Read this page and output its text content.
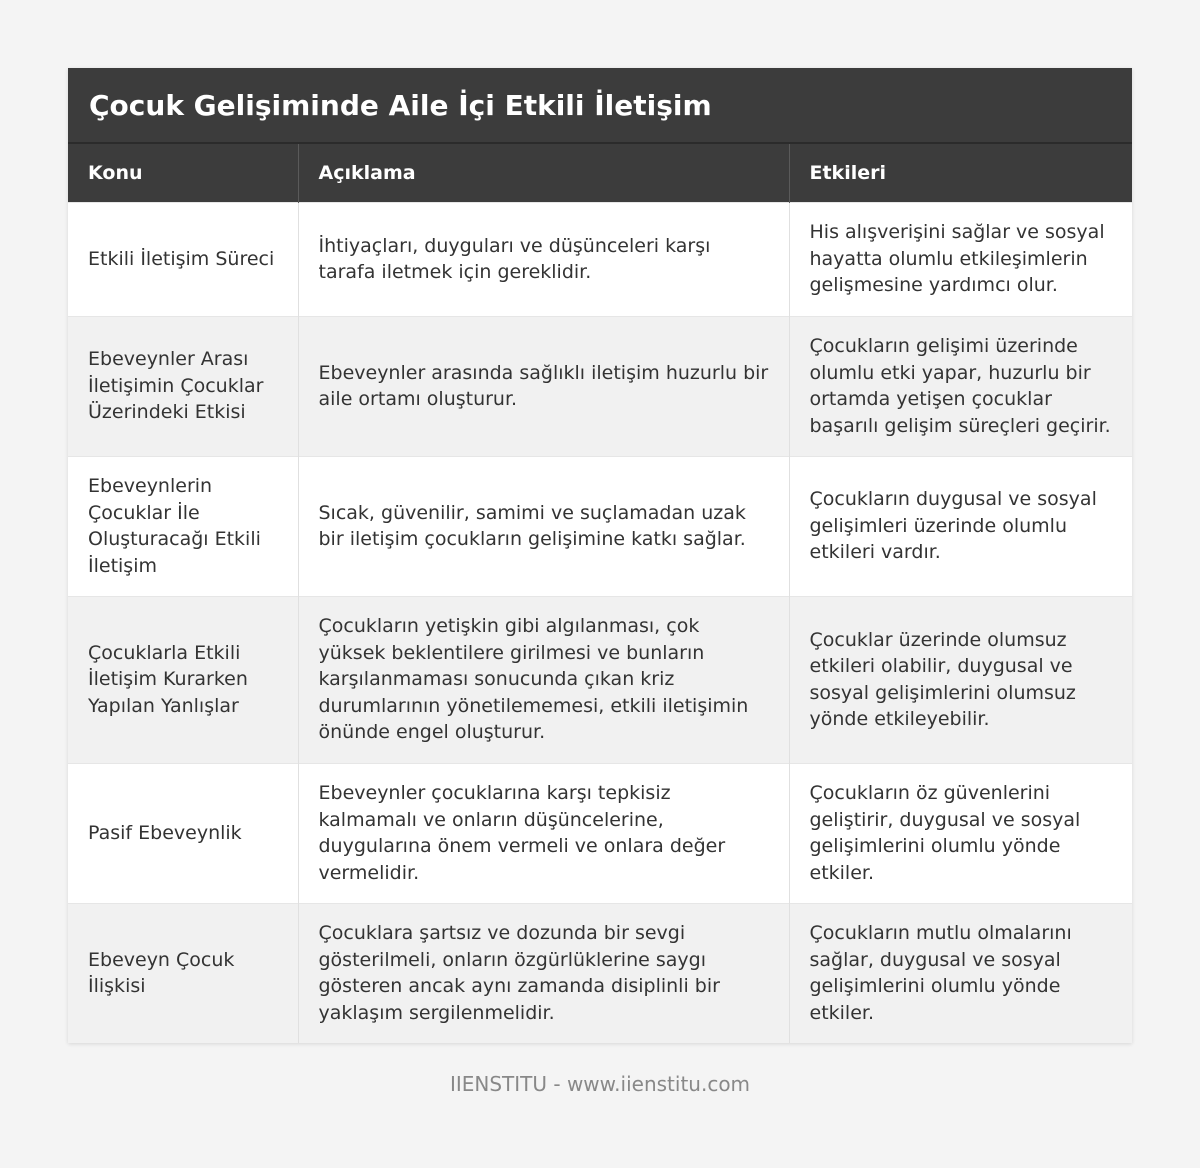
Çocuk Gelişiminde Aile İçi Etkili İletişim
Konu	Açıklama	Etkileri
Etkili İletişim Süreci	İhtiyaçları, duyguları ve düşünceleri karşı tarafa iletmek için gereklidir.	His alışverişini sağlar ve sosyal hayatta olumlu etkileşimlerin gelişmesine yardımcı olur.
Ebeveynler Arası İletişimin Çocuklar Üzerindeki Etkisi	Ebeveynler arasında sağlıklı iletişim huzurlu bir aile ortamı oluşturur.	Çocukların gelişimi üzerinde olumlu etki yapar, huzurlu bir ortamda yetişen çocuklar başarılı gelişim süreçleri geçirir.
Ebeveynlerin Çocuklar İle Oluşturacağı Etkili İletişim	Sıcak, güvenilir, samimi ve suçlamadan uzak bir iletişim çocukların gelişimine katkı sağlar.	Çocukların duygusal ve sosyal gelişimleri üzerinde olumlu etkileri vardır.
Çocuklarla Etkili İletişim Kurarken Yapılan Yanlışlar	Çocukların yetişkin gibi algılanması, çok yüksek beklentilere girilmesi ve bunların karşılanmaması sonucunda çıkan kriz durumlarının yönetilememesi, etkili iletişimin önünde engel oluşturur.	Çocuklar üzerinde olumsuz etkileri olabilir, duygusal ve sosyal gelişimlerini olumsuz yönde etkileyebilir.
Pasif Ebeveynlik	Ebeveynler çocuklarına karşı tepkisiz kalmamalı ve onların düşüncelerine, duygularına önem vermeli ve onlara değer vermelidir.	Çocukların öz güvenlerini geliştirir, duygusal ve sosyal gelişimlerini olumlu yönde etkiler.
Ebeveyn Çocuk İlişkisi	Çocuklara şartsız ve dozunda bir sevgi gösterilmeli, onların özgürlüklerine saygı gösteren ancak aynı zamanda disiplinli bir yaklaşım sergilenmelidir.	Çocukların mutlu olmalarını sağlar, duygusal ve sosyal gelişimlerini olumlu yönde etkiler.
IIENSTITU - www.iienstitu.com
